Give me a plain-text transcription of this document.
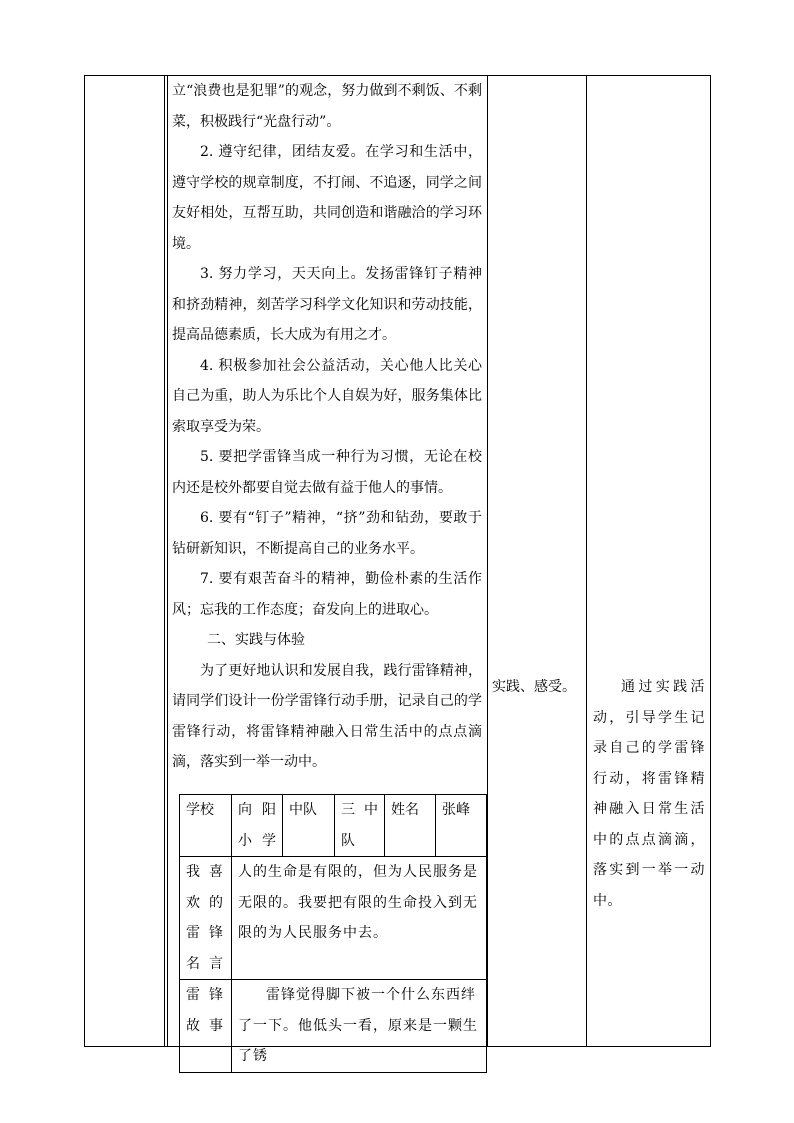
立“浪费也是犯罪”的观念，努力做到不剩饭、不剩菜，积极践行“光盘行动”。

2. 遵守纪律，团结友爱。在学习和生活中，遵守学校的规章制度，不打闹、不追逐，同学之间友好相处，互帮互助，共同创造和谐融洽的学习环境。

3. 努力学习，天天向上。发扬雷锋钉子精神和挤劲精神，刻苦学习科学文化知识和劳动技能，提高品德素质，长大成为有用之才。

4. 积极参加社会公益活动，关心他人比关心自己为重，助人为乐比个人自娱为好，服务集体比索取享受为荣。

5. 要把学雷锋当成一种行为习惯，无论在校内还是校外都要自觉去做有益于他人的事情。

6. 要有“钉子”精神，“挤”劲和钻劲，要敢于钻研新知识，不断提高自己的业务水平。

7. 要有艰苦奋斗的精神，勤俭朴素的生活作风；忘我的工作态度；奋发向上的进取心。

二、实践与体验

为了更好地认识和发展自我，践行雷锋精神，请同学们设计一份学雷锋行动手册，记录自己的学雷锋行动，将雷锋精神融入日常生活中的点点滴滴，落实到一举一动中。

学校	向阳小学	中队	三中队	姓名	张峰
我喜欢的雷锋名言	人的生命是有限的，但为人民服务是无限的。我要把有限的生命投入到无限的为人民服务中去。				
雷锋故事	雷锋觉得脚下被一个什么东西绊了一下。他低头一看，原来是一颗生了锈				
实践、感受。	通过实践活动，引导学生记录自己的学雷锋行动，将雷锋精神融入日常生活中的点点滴滴，落实到一举一动中。
